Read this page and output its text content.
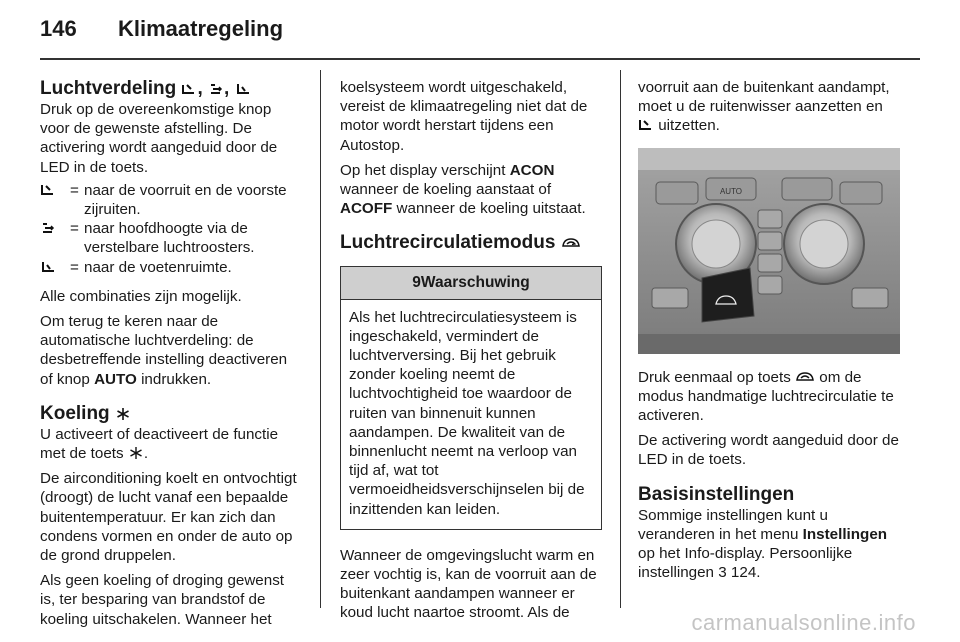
146 Klimaatregeling
Luchtverdeling , ,

Druk op de overeenkomstige knop voor de gewenste afstelling. De activering wordt aangeduid door de LED in de toets.

= naar de voorruit en de voorste zijruiten.
= naar hoofdhoogte via de verstelbare luchtroosters.
= naar de voetenruimte.

Alle combinaties zijn mogelijk.

Om terug te keren naar de automatische luchtverdeling: de desbetreffende instelling deactiveren of knop AUTO indrukken.

Koeling

U activeert of deactiveert de functie met de toets .

De airconditioning koelt en ontvochtigt (droogt) de lucht vanaf een bepaalde buitentemperatuur. Er kan zich dan condens vormen en onder de auto op de grond druppelen.

Als geen koeling of droging gewenst is, ter besparing van brandstof de koeling uitschakelen. Wanneer het

koelsysteem wordt uitgeschakeld, vereist de klimaatregeling niet dat de motor wordt herstart tijdens een Autostop.

Op het display verschijnt ACON wanneer de koeling aanstaat of ACOFF wanneer de koeling uitstaat.

Luchtrecirculatiemodus
9Waarschuwing
Als het luchtrecirculatiesysteem is ingeschakeld, vermindert de luchtverversing. Bij het gebruik zonder koeling neemt de luchtvochtigheid toe waardoor de ruiten van binnenuit kunnen aandampen. De kwaliteit van de binnenlucht neemt na verloop van tijd af, wat tot vermoeidheidsverschijnselen bij de inzittenden kan leiden.

Wanneer de omgevingslucht warm en zeer vochtig is, kan de voorruit aan de buitenkant aandampen wanneer er koud lucht naartoe stroomt. Als de

voorruit aan de buitenkant aandampt, moet u de ruitenwisser aanzetten en
uitzetten.

AUTO

Druk eenmaal op toets om de modus handmatige luchtrecirculatie te activeren.

De activering wordt aangeduid door de LED in de toets.

Basisinstellingen

Sommige instellingen kunt u veranderen in het menu Instellingen op het Info-display. Persoonlijke instellingen 3 124.

carmanualsonline.info
